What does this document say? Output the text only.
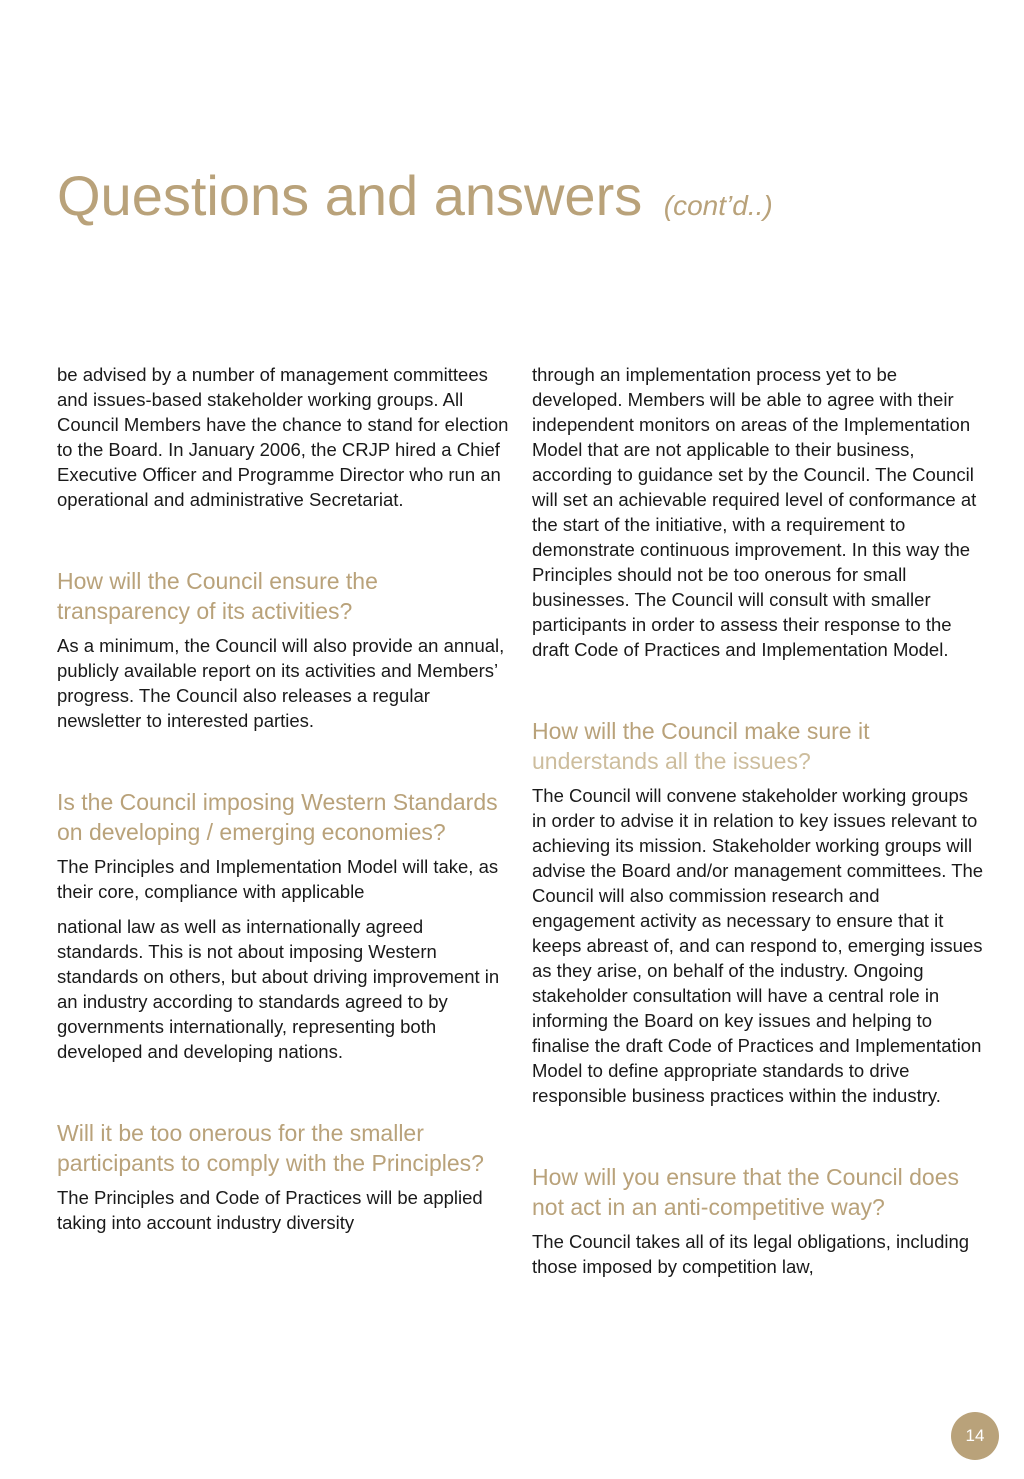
Questions and answers (cont’d..)

be advised by a number of management committees and issues-based stakeholder working groups. All Council Members have the chance to stand for election to the Board. In January 2006, the CRJP hired a Chief Executive Officer and Programme Director who run an operational and administrative Secretariat.

How will the Council ensure the transparency of its activities?

As a minimum, the Council will also provide an annual, publicly available report on its activities and Members’ progress. The Council also releases a regular newsletter to interested parties.

Is the Council imposing Western Standards on developing / emerging economies?

The Principles and Implementation Model will take, as their core, compliance with applicable

national law as well as internationally agreed standards. This is not about imposing Western standards on others, but about driving improvement in an industry according to standards agreed to by governments internationally, representing both developed and developing nations.

Will it be too onerous for the smaller participants to comply with the Principles?

The Principles and Code of Practices will be applied taking into account industry diversity

through an implementation process yet to be developed. Members will be able to agree with their independent monitors on areas of the Implementation Model that are not applicable to their business, according to guidance set by the Council. The Council will set an achievable required level of conformance at the start of the initiative, with a requirement to demonstrate continuous improvement. In this way the Principles should not be too onerous for small businesses. The Council will consult with smaller participants in order to assess their response to the draft Code of Practices and Implementation Model.

How will the Council make sure it
understands all the issues?

The Council will convene stakeholder working groups in order to advise it in relation to key issues relevant to achieving its mission. Stakeholder working groups will advise the Board and/or management committees. The Council will also commission research and engagement activity as necessary to ensure that it keeps abreast of, and can respond to, emerging issues as they arise, on behalf of the industry. Ongoing stakeholder consultation will have a central role in informing the Board on key issues and helping to finalise the draft Code of Practices and Implementation Model to define appropriate standards to drive responsible business practices within the industry.

How will you ensure that the Council does not act in an anti-competitive way?

The Council takes all of its legal obligations, including those imposed by competition law,

14
